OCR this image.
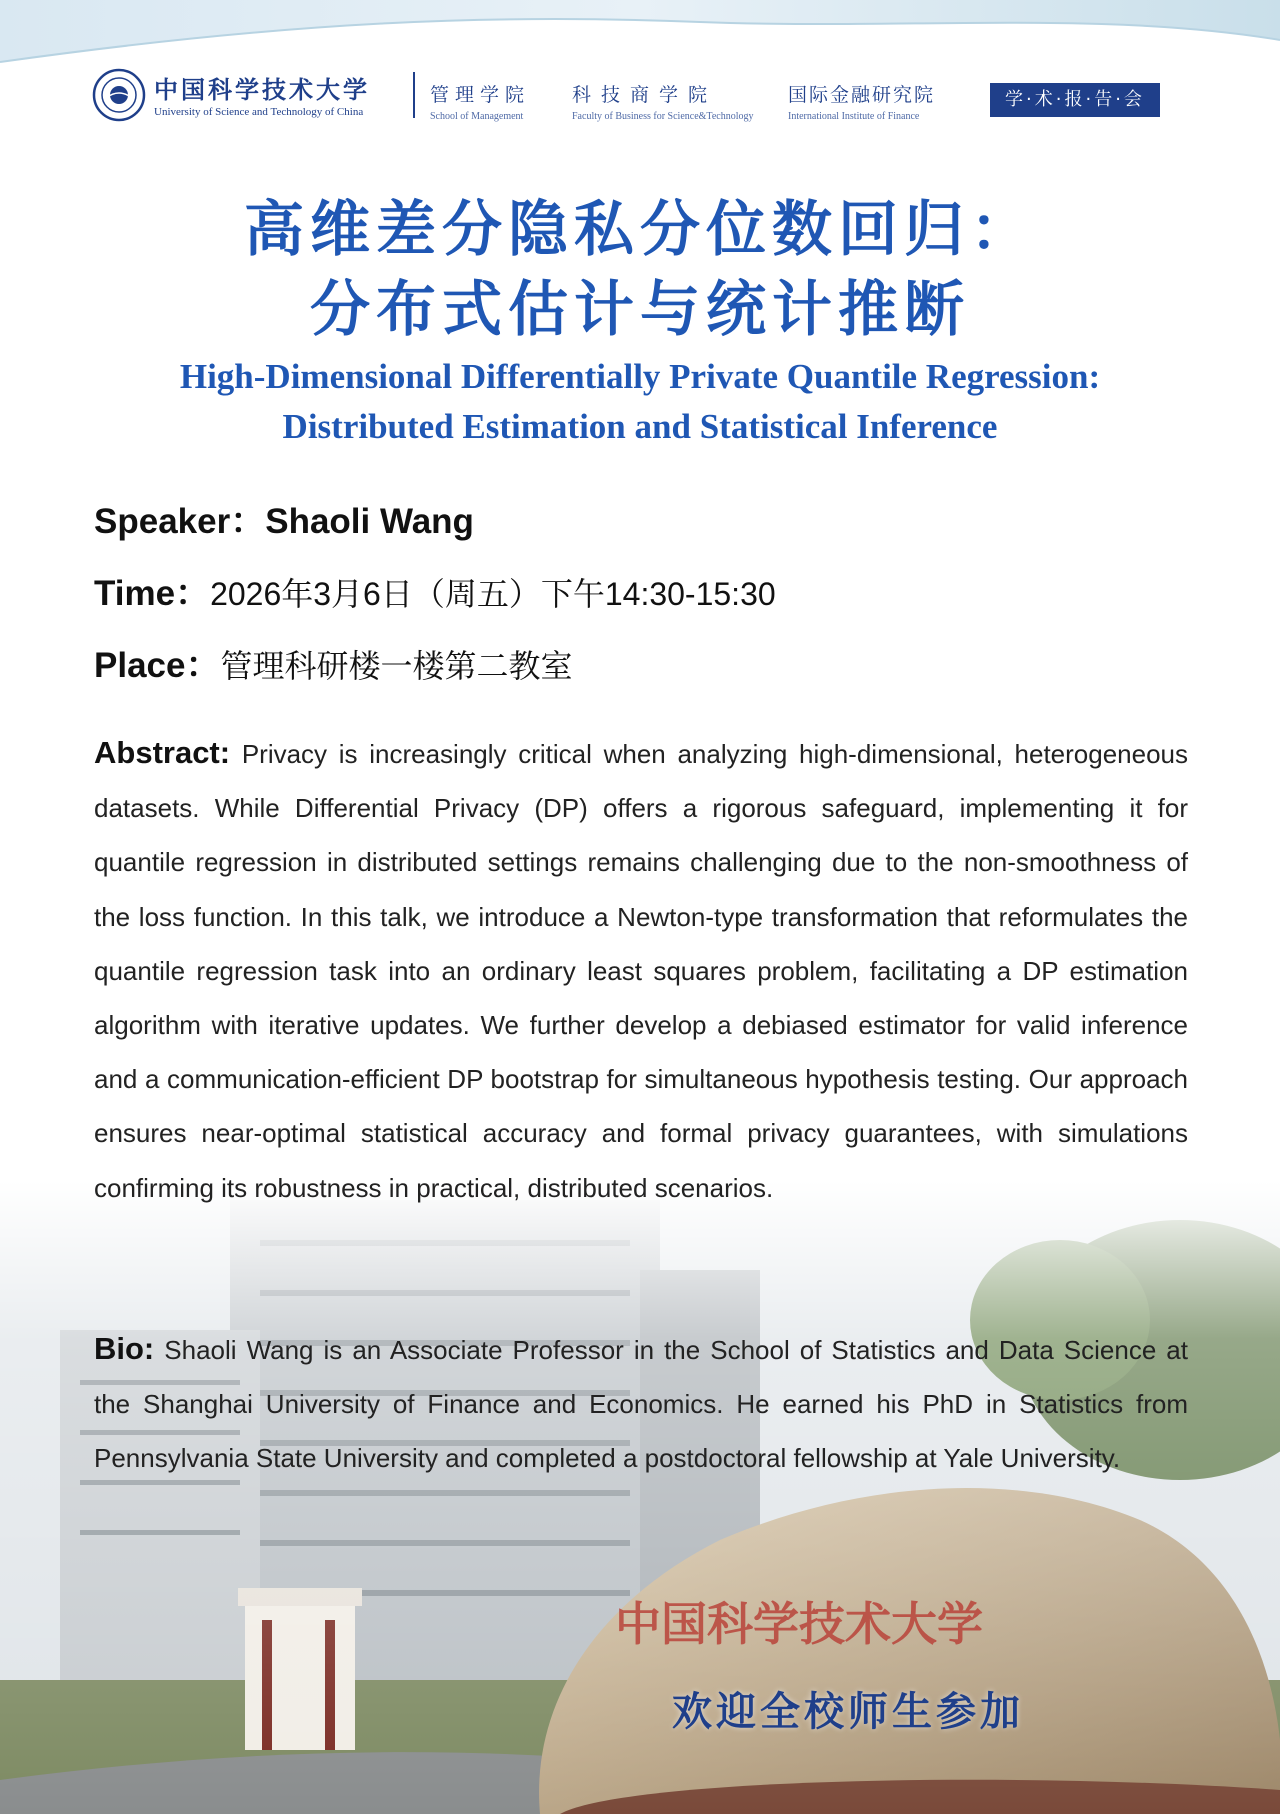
中国科学技术大学
中国科学技术大学
University of Science and Technology of China
管理学院
School of Management
科技商学院
Faculty of Business for Science&Technology
国际金融研究院
International Institute of Finance
学·术·报·告·会
高维差分隐私分位数回归：
分布式估计与统计推断
High-Dimensional Differentially Private Quantile Regression:
Distributed Estimation and Statistical Inference
Speaker：Shaoli Wang
Time：2026年3月6日（周五）下午14:30-15:30
Place：管理科研楼一楼第二教室
Abstract: Privacy is increasingly critical when analyzing high-dimensional, heterogeneous datasets. While Differential Privacy (DP) offers a rigorous safeguard, implementing it for quantile regression in distributed settings remains challenging due to the non-smoothness of the loss function. In this talk, we introduce a Newton-type transformation that reformulates the quantile regression task into an ordinary least squares problem, facilitating a DP estimation algorithm with iterative updates. We further develop a debiased estimator for valid inference and a communication-efficient DP bootstrap for simultaneous hypothesis testing. Our approach ensures near-optimal statistical accuracy and formal privacy guarantees, with simulations confirming its robustness in practical, distributed scenarios.
Bio: Shaoli Wang is an Associate Professor in the School of Statistics and Data Science at the Shanghai University of Finance and Economics. He earned his PhD in Statistics from Pennsylvania State University and completed a postdoctoral fellowship at Yale University.
欢迎全校师生参加
